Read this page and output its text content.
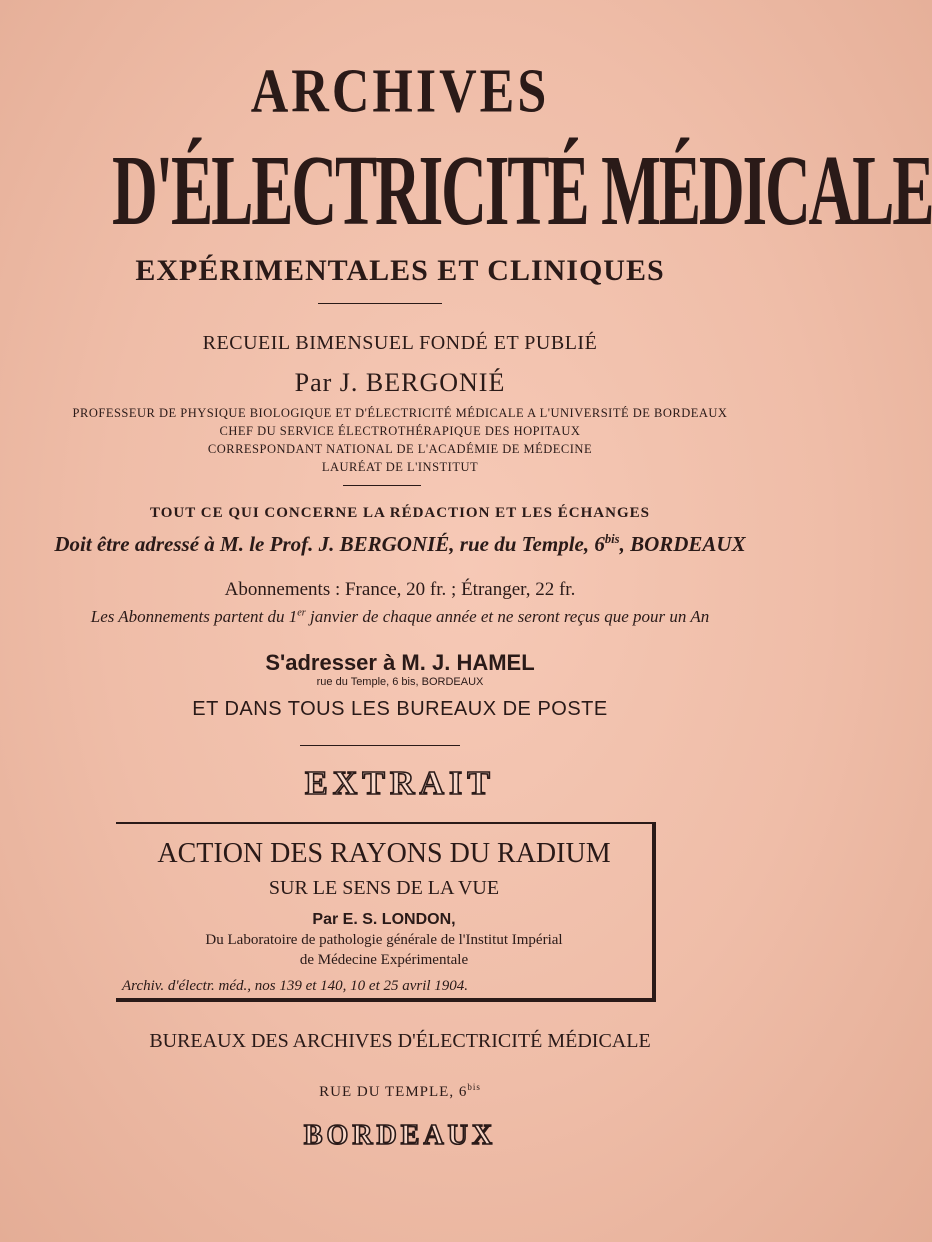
ARCHIVES
D'ÉLECTRICITÉ MÉDICALE
EXPÉRIMENTALES ET CLINIQUES
RECUEIL BIMENSUEL FONDÉ ET PUBLIÉ
Par J. BERGONIÉ
PROFESSEUR DE PHYSIQUE BIOLOGIQUE ET D'ÉLECTRICITÉ MÉDICALE A L'UNIVERSITÉ DE BORDEAUX
CHEF DU SERVICE ÉLECTROTHÉRAPIQUE DES HOPITAUX
CORRESPONDANT NATIONAL DE L'ACADÉMIE DE MÉDECINE
LAURÉAT DE L'INSTITUT
TOUT CE QUI CONCERNE LA RÉDACTION ET LES ÉCHANGES
Doit être adressé à M. le Prof. J. BERGONIÉ, rue du Temple, $6^{bis}$, BORDEAUX
Abonnements : France, 20 fr. ; Étranger, 22 fr.
Les Abonnements partent du 1er janvier de chaque année et ne seront reçus que pour un An
S'adresser à M. J. HAMEL
rue du Temple, 6 bis, BORDEAUX
ET DANS TOUS LES BUREAUX DE POSTE
EXTRAIT
ACTION DES RAYONS DU RADIUM
SUR LE SENS DE LA VUE
Par E. S. LONDON,
Du Laboratoire de pathologie générale de l'Institut Impérial
de Médecine Expérimentale
Archiv. d'électr. méd., nos 139 et 140, 10 et 25 avril 1904.
BUREAUX DES ARCHIVES D'ÉLECTRICITÉ MÉDICALE
RUE DU TEMPLE, $6^{bis}$
BORDEAUX
